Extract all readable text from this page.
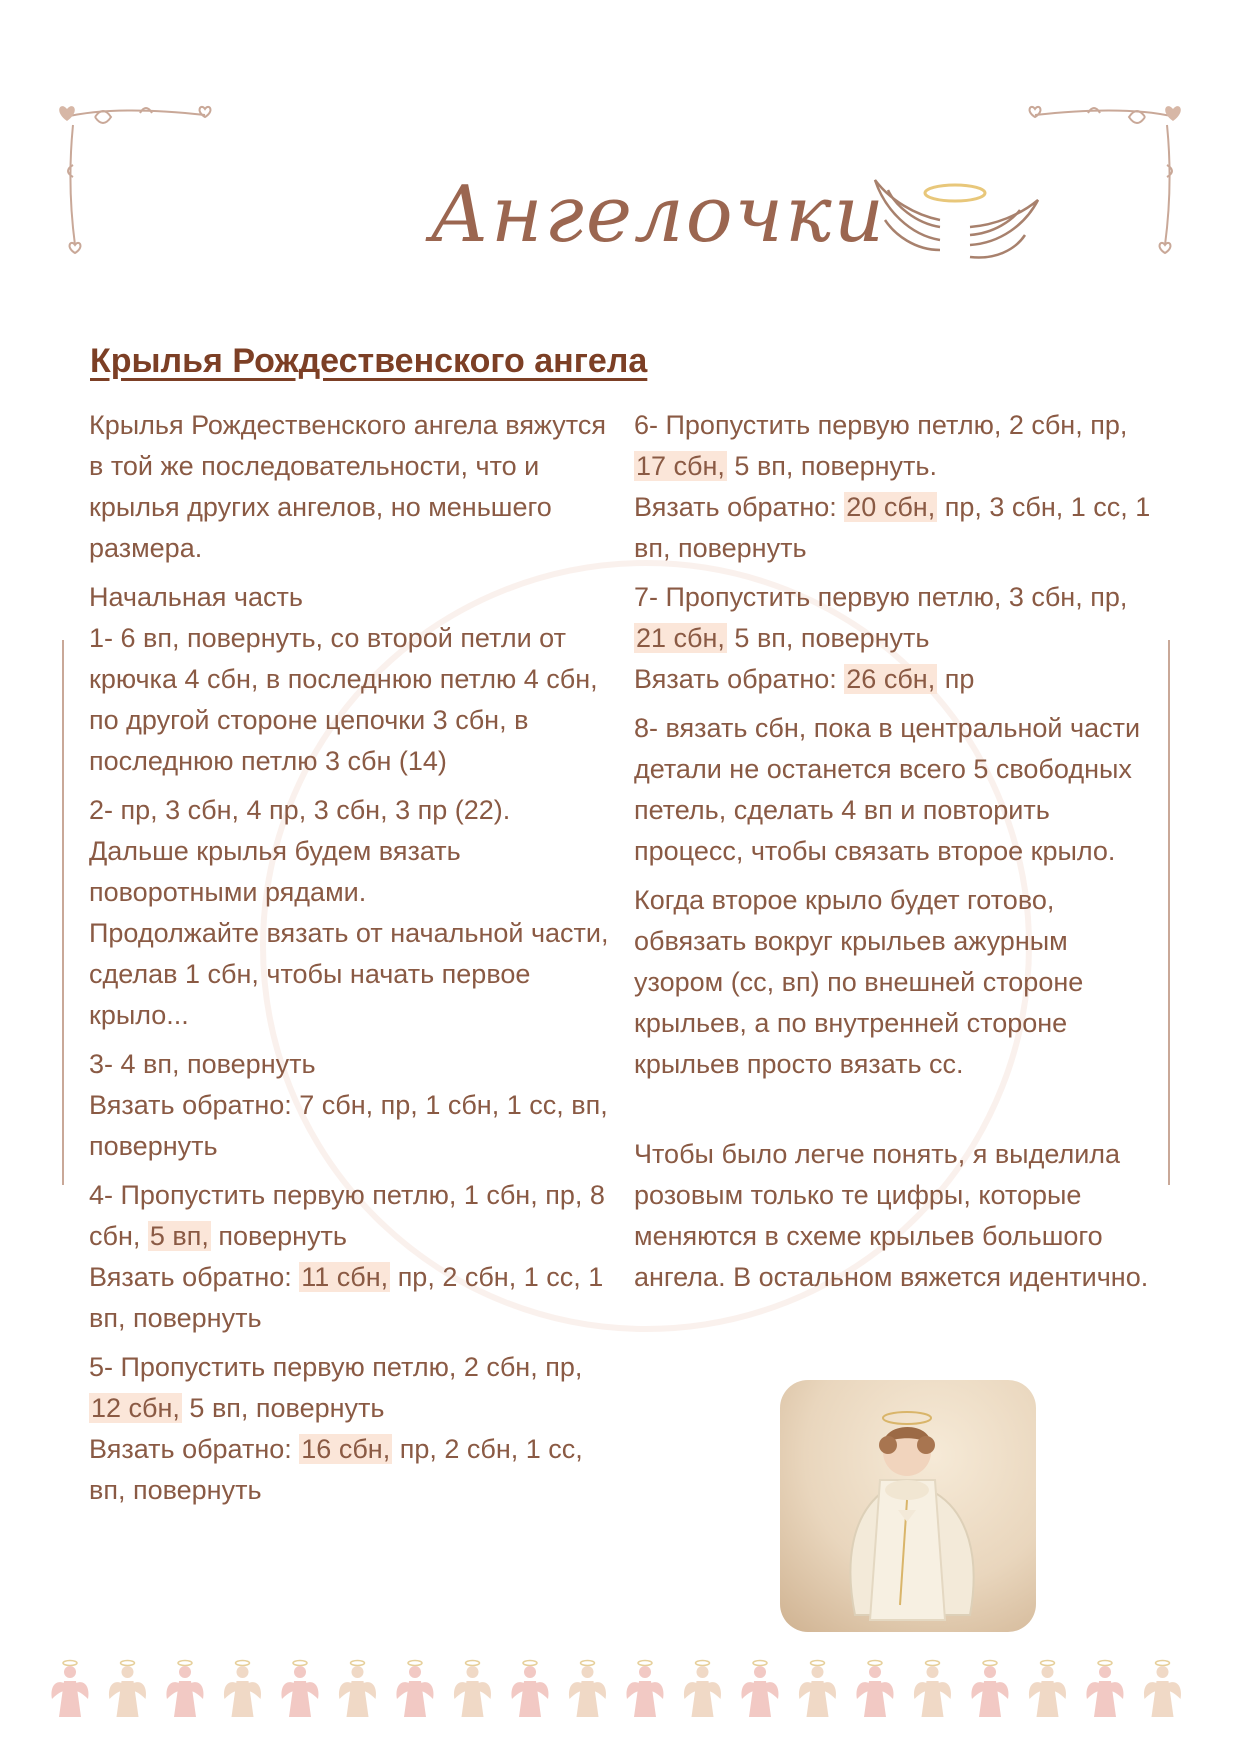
Ангелочки
Крылья Рождественского ангела

Крылья Рождественского ангела вяжутся в той же последовательности, что и крылья других ангелов, но меньшего размера.

Начальная часть
1- 6 вп, повернуть, со второй петли от крючка 4 сбн, в последнюю петлю 4 сбн, по другой стороне цепочки 3 сбн, в последнюю петлю 3 сбн (14)

2- пр, 3 сбн, 4 пр, 3 сбн, 3 пр (22).
Дальше крылья будем вязать поворотными рядами.
Продолжайте вязать от начальной части, сделав 1 сбн, чтобы начать первое крыло...

3- 4 вп, повернуть
Вязать обратно: 7 сбн, пр, 1 сбн, 1 сс, вп, повернуть

4- Пропустить первую петлю, 1 сбн, пр, 8 сбн, 5 вп, повернуть
Вязать обратно: 11 сбн, пр, 2 сбн, 1 сс, 1 вп, повернуть

5- Пропустить первую петлю, 2 сбн, пр, 12 сбн, 5 вп, повернуть
Вязать обратно: 16 сбн, пр, 2 сбн, 1 сс, вп, повернуть

6- Пропустить первую петлю, 2 сбн, пр, 17 сбн, 5 вп, повернуть.
Вязать обратно: 20 сбн, пр, 3 сбн, 1 сс, 1 вп, повернуть

7- Пропустить первую петлю, 3 сбн, пр, 21 сбн, 5 вп, повернуть
Вязать обратно: 26 сбн, пр

8- вязать сбн, пока в центральной части детали не останется всего 5 свободных петель, сделать 4 вп и повторить процесс, чтобы связать второе крыло.

Когда второе крыло будет готово, обвязать вокруг крыльев ажурным узором (сс, вп) по внешней стороне крыльев, а по внутренней стороне крыльев просто вязать сс.

Чтобы было легче понять, я выделила розовым только те цифры, которые меняются в схеме крыльев большого ангела. В остальном вяжется идентично.
